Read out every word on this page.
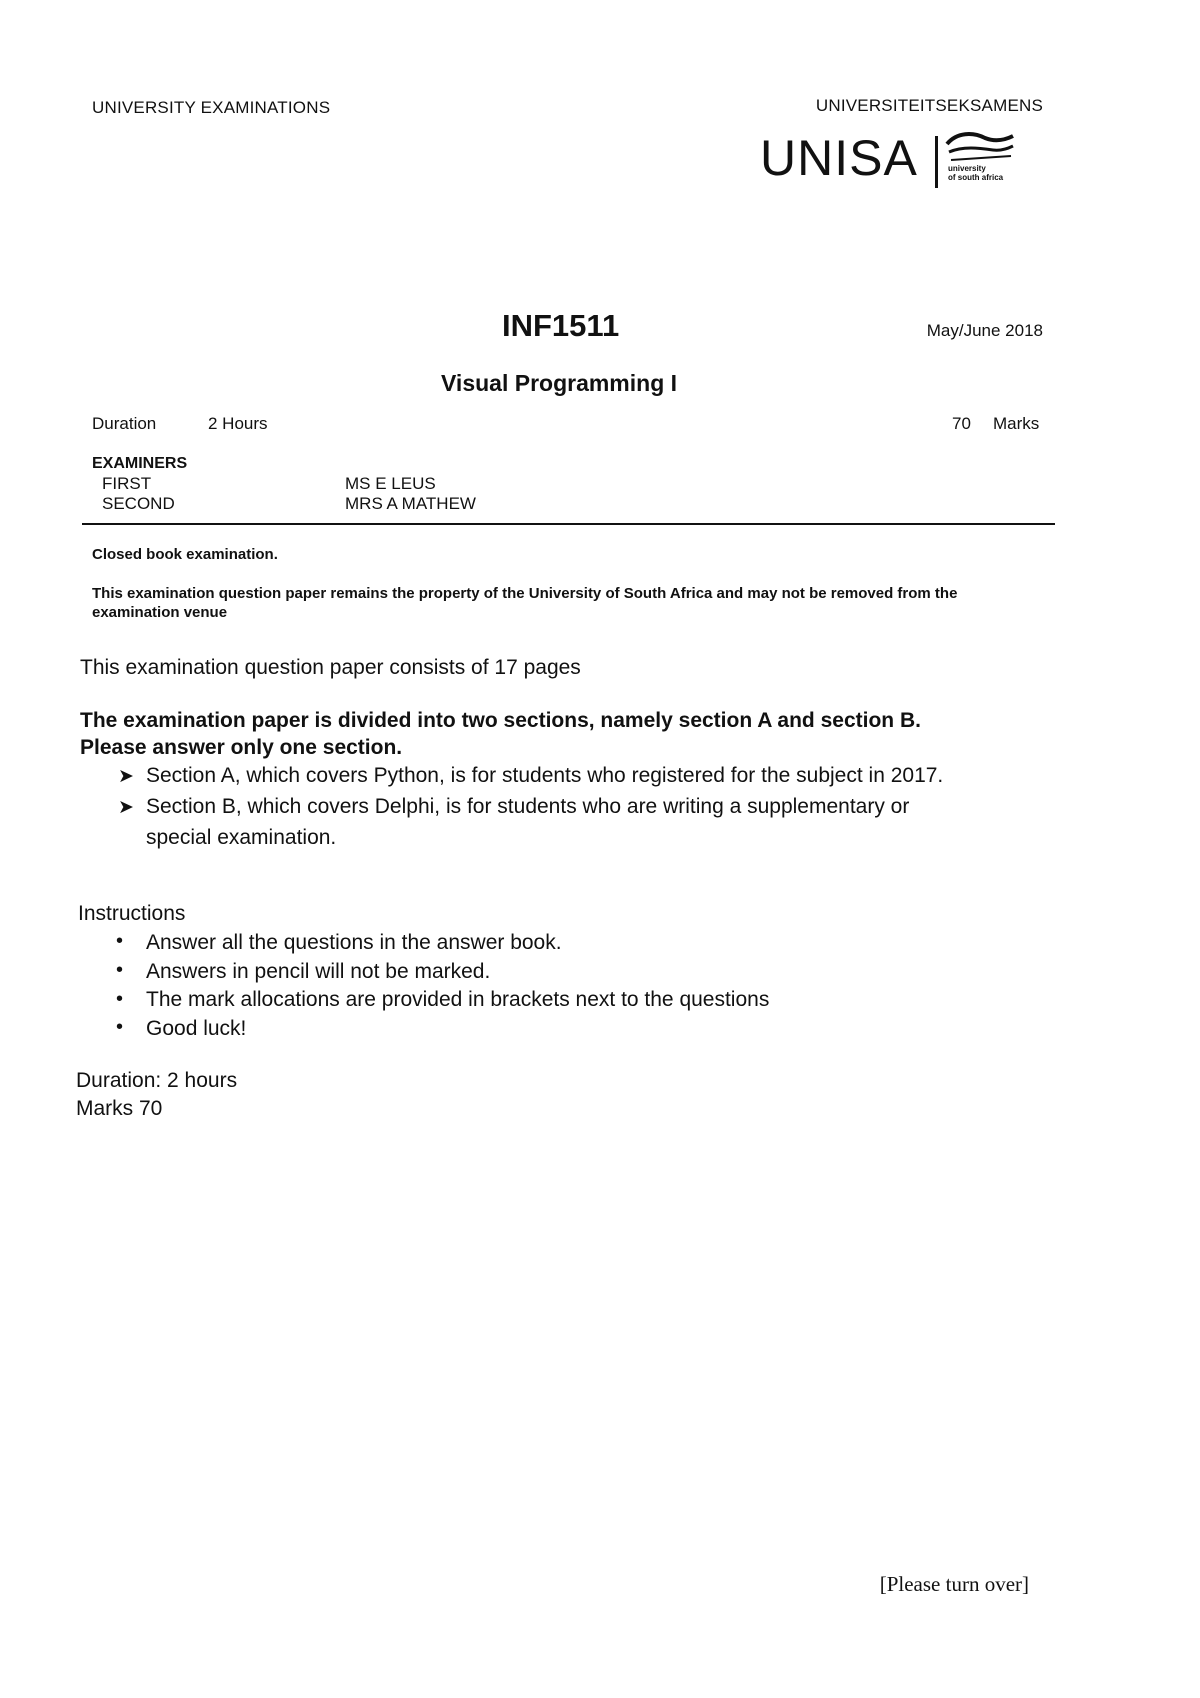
UNIVERSITY EXAMINATIONS	UNIVERSITEITSEKSAMENS
UNISA	university
of south africa
INF1511	May/June 2018
Visual Programming I
Duration	2 Hours	70 Marks
EXAMINERS
FIRST	MS E LEUS
SECOND	MRS A MATHEW
Closed book examination.
This examination question paper remains the property of the University of South Africa and may not be removed from the examination venue
This examination question paper consists of 17 pages
The examination paper is divided into two sections, namely section A and section B.
Please answer only one section.
➤ Section A, which covers Python, is for students who registered for the subject in 2017.
➤ Section B, which covers Delphi, is for students who are writing a supplementary or
special examination.
Instructions
• Answer all the questions in the answer book.
• Answers in pencil will not be marked.
• The mark allocations are provided in brackets next to the questions
• Good luck!
Duration: 2 hours
Marks 70
[Please turn over]
